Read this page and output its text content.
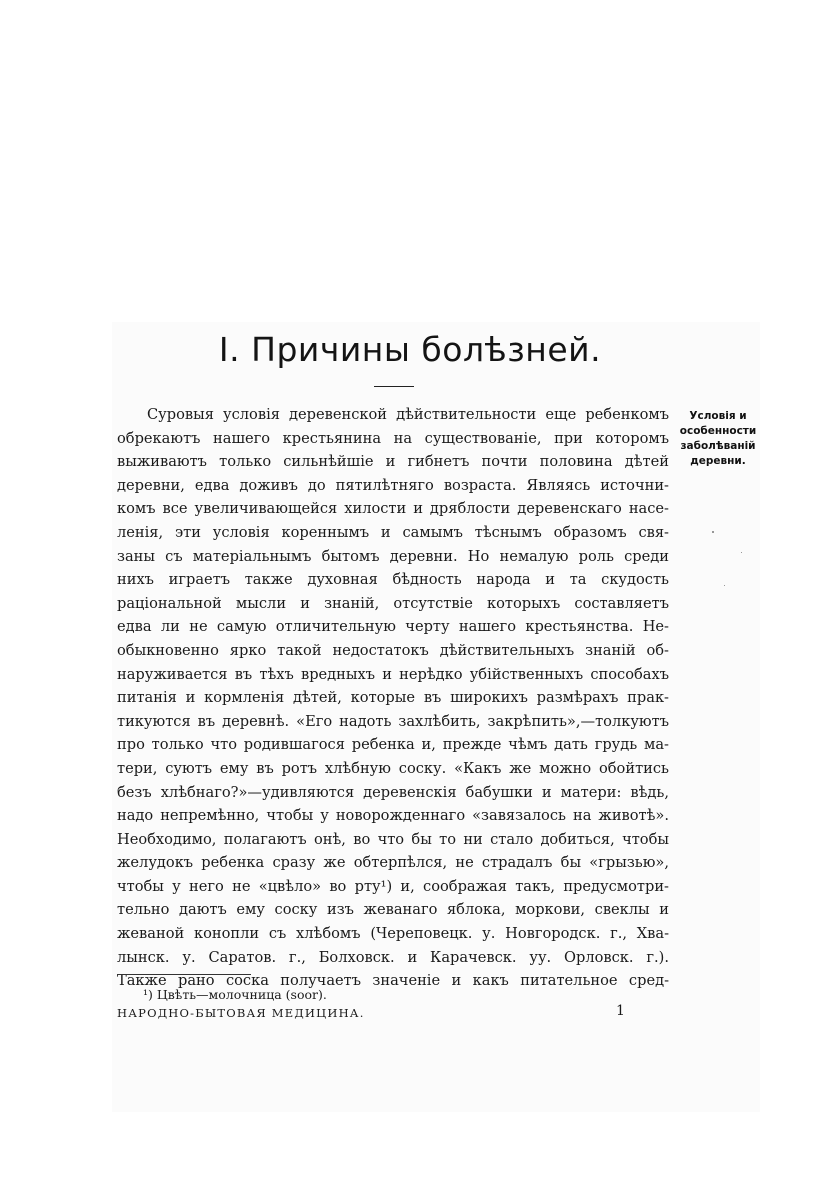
I. Причины болѣзней.
Условія и
особенности
заболѣваній
деревни.
Суровыя условія деревенской дѣйствительности еще ребенкомъ
обрекаютъ нашего крестьянина на существованіе, при которомъ
выживаютъ только сильнѣйшіе и гибнетъ почти половина дѣтей
деревни, едва доживъ до пятилѣтняго возраста. Являясь источни-
комъ все увеличивающейся хилости и дряблости деревенскаго насе-
ленія, эти условія кореннымъ и самымъ тѣснымъ образомъ свя-
заны съ матеріальнымъ бытомъ деревни. Но немалую роль среди
нихъ играетъ также духовная бѣдность народа и та скудость
раціональной мысли и знаній, отсутствіе которыхъ составляетъ
едва ли не самую отличительную черту нашего крестьянства. Не-
обыкновенно ярко такой недостатокъ дѣйствительныхъ знаній об-
наруживается въ тѣхъ вредныхъ и нерѣдко убійственныхъ способахъ
питанія и кормленія дѣтей, которые въ широкихъ размѣрахъ прак-
тикуются въ деревнѣ. «Его надоть захлѣбить, закрѣпить»,—толкуютъ
про только что родившагося ребенка и, прежде чѣмъ дать грудь ма-
тери, суютъ ему въ ротъ хлѣбную соску. «Какъ же можно обойтись
безъ хлѣбнаго?»—удивляются деревенскія бабушки и матери: вѣдь,
надо непремѣнно, чтобы у новорожденнаго «завязалось на животѣ».
Необходимо, полагаютъ онѣ, во что бы то ни стало добиться, чтобы
желудокъ ребенка сразу же обтерпѣлся, не страдалъ бы «грызью»,
чтобы у него не «цвѣло» во рту¹) и, соображая такъ, предусмотри-
тельно даютъ ему соску изъ жеванаго яблока, моркови, свеклы и
жеваной конопли съ хлѣбомъ (Череповецк. у. Новгородск. г., Хва-
лынск. у. Саратов. г., Болховск. и Карачевск. уу. Орловск. г.).
Также рано соска получаетъ значеніе и какъ питательное сред-
¹) Цвѣть—молочница (soor).
НАРОДНО-БЫТОВАЯ МЕДИЦИНА.	1
